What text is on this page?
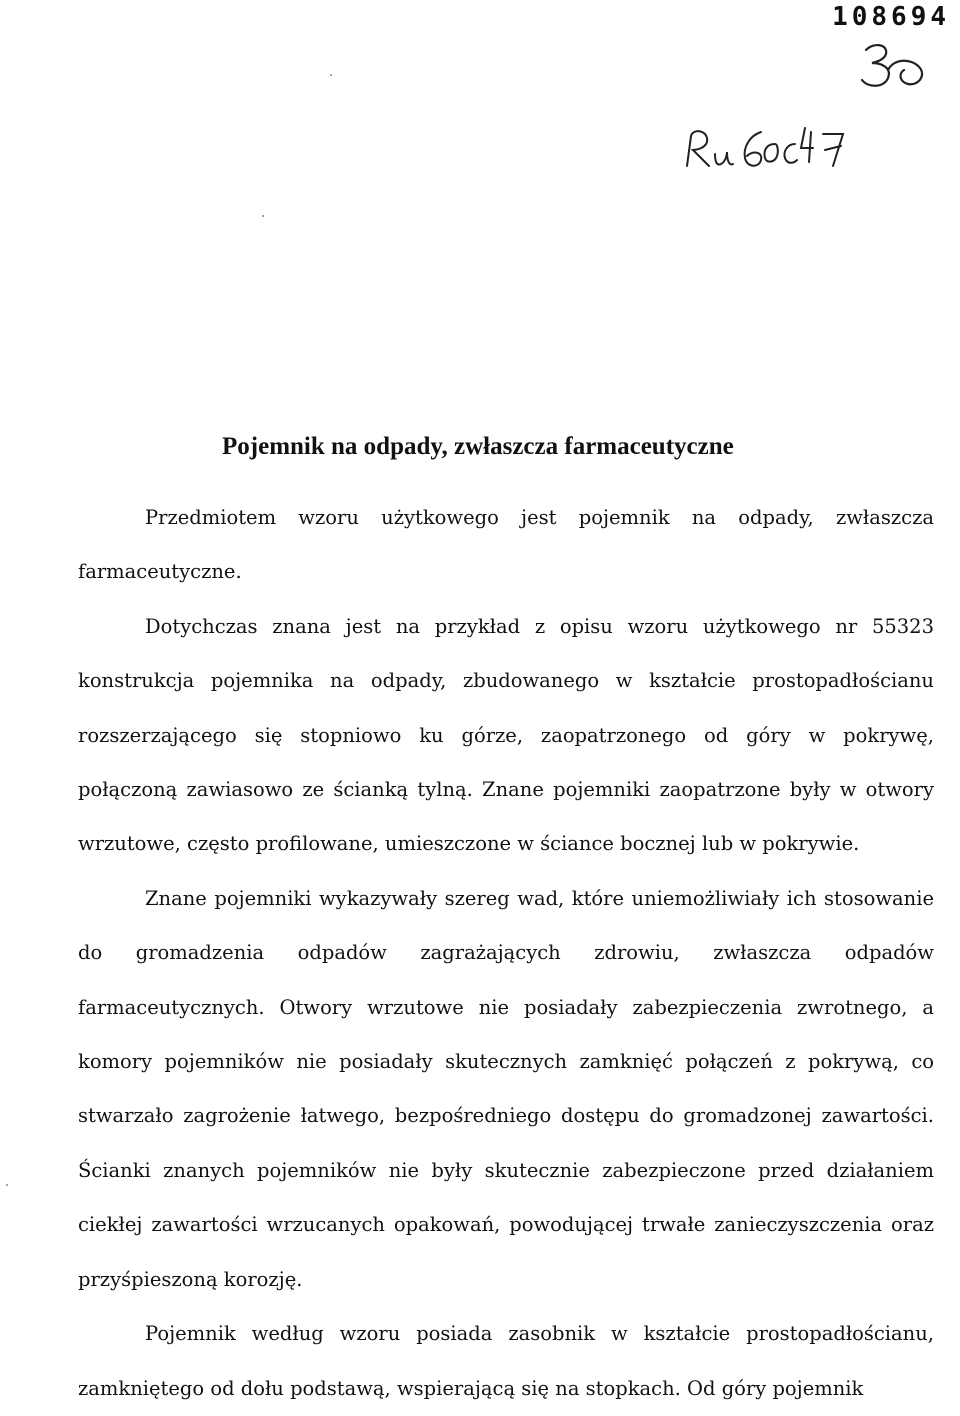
108694
Pojemnik na odpady, zwłaszcza farmaceutyczne

Przedmiotem wzoru użytkowego jest pojemnik na odpady, zwłaszcza farmaceutyczne.

Dotychczas znana jest na przykład z opisu wzoru użytkowego nr 55323 konstrukcja pojemnika na odpady, zbudowanego w kształcie prostopadłościanu rozszerzającego się stopniowo ku górze, zaopatrzonego od góry w pokrywę, połączoną zawiasowo ze ścianką tylną. Znane pojemniki zaopatrzone były w otwory wrzutowe, często profilowane, umieszczone w ściance bocznej lub w pokrywie.

Znane pojemniki wykazywały szereg wad, które uniemożliwiały ich stosowanie do gromadzenia odpadów zagrażających zdrowiu, zwłaszcza odpadów farmaceutycznych. Otwory wrzutowe nie posiadały zabezpieczenia zwrotnego, a komory pojemników nie posiadały skutecznych zamknięć połączeń z pokrywą, co stwarzało zagrożenie łatwego, bezpośredniego dostępu do gromadzonej zawartości. Ścianki znanych pojemników nie były skutecznie zabezpieczone przed działaniem ciekłej zawartości wrzucanych opakowań, powodującej trwałe zanieczyszczenia oraz przyśpieszoną korozję.

Pojemnik według wzoru posiada zasobnik w kształcie prostopadłościanu, zamkniętego od dołu podstawą, wspierającą się na stopkach. Od góry pojemnik
